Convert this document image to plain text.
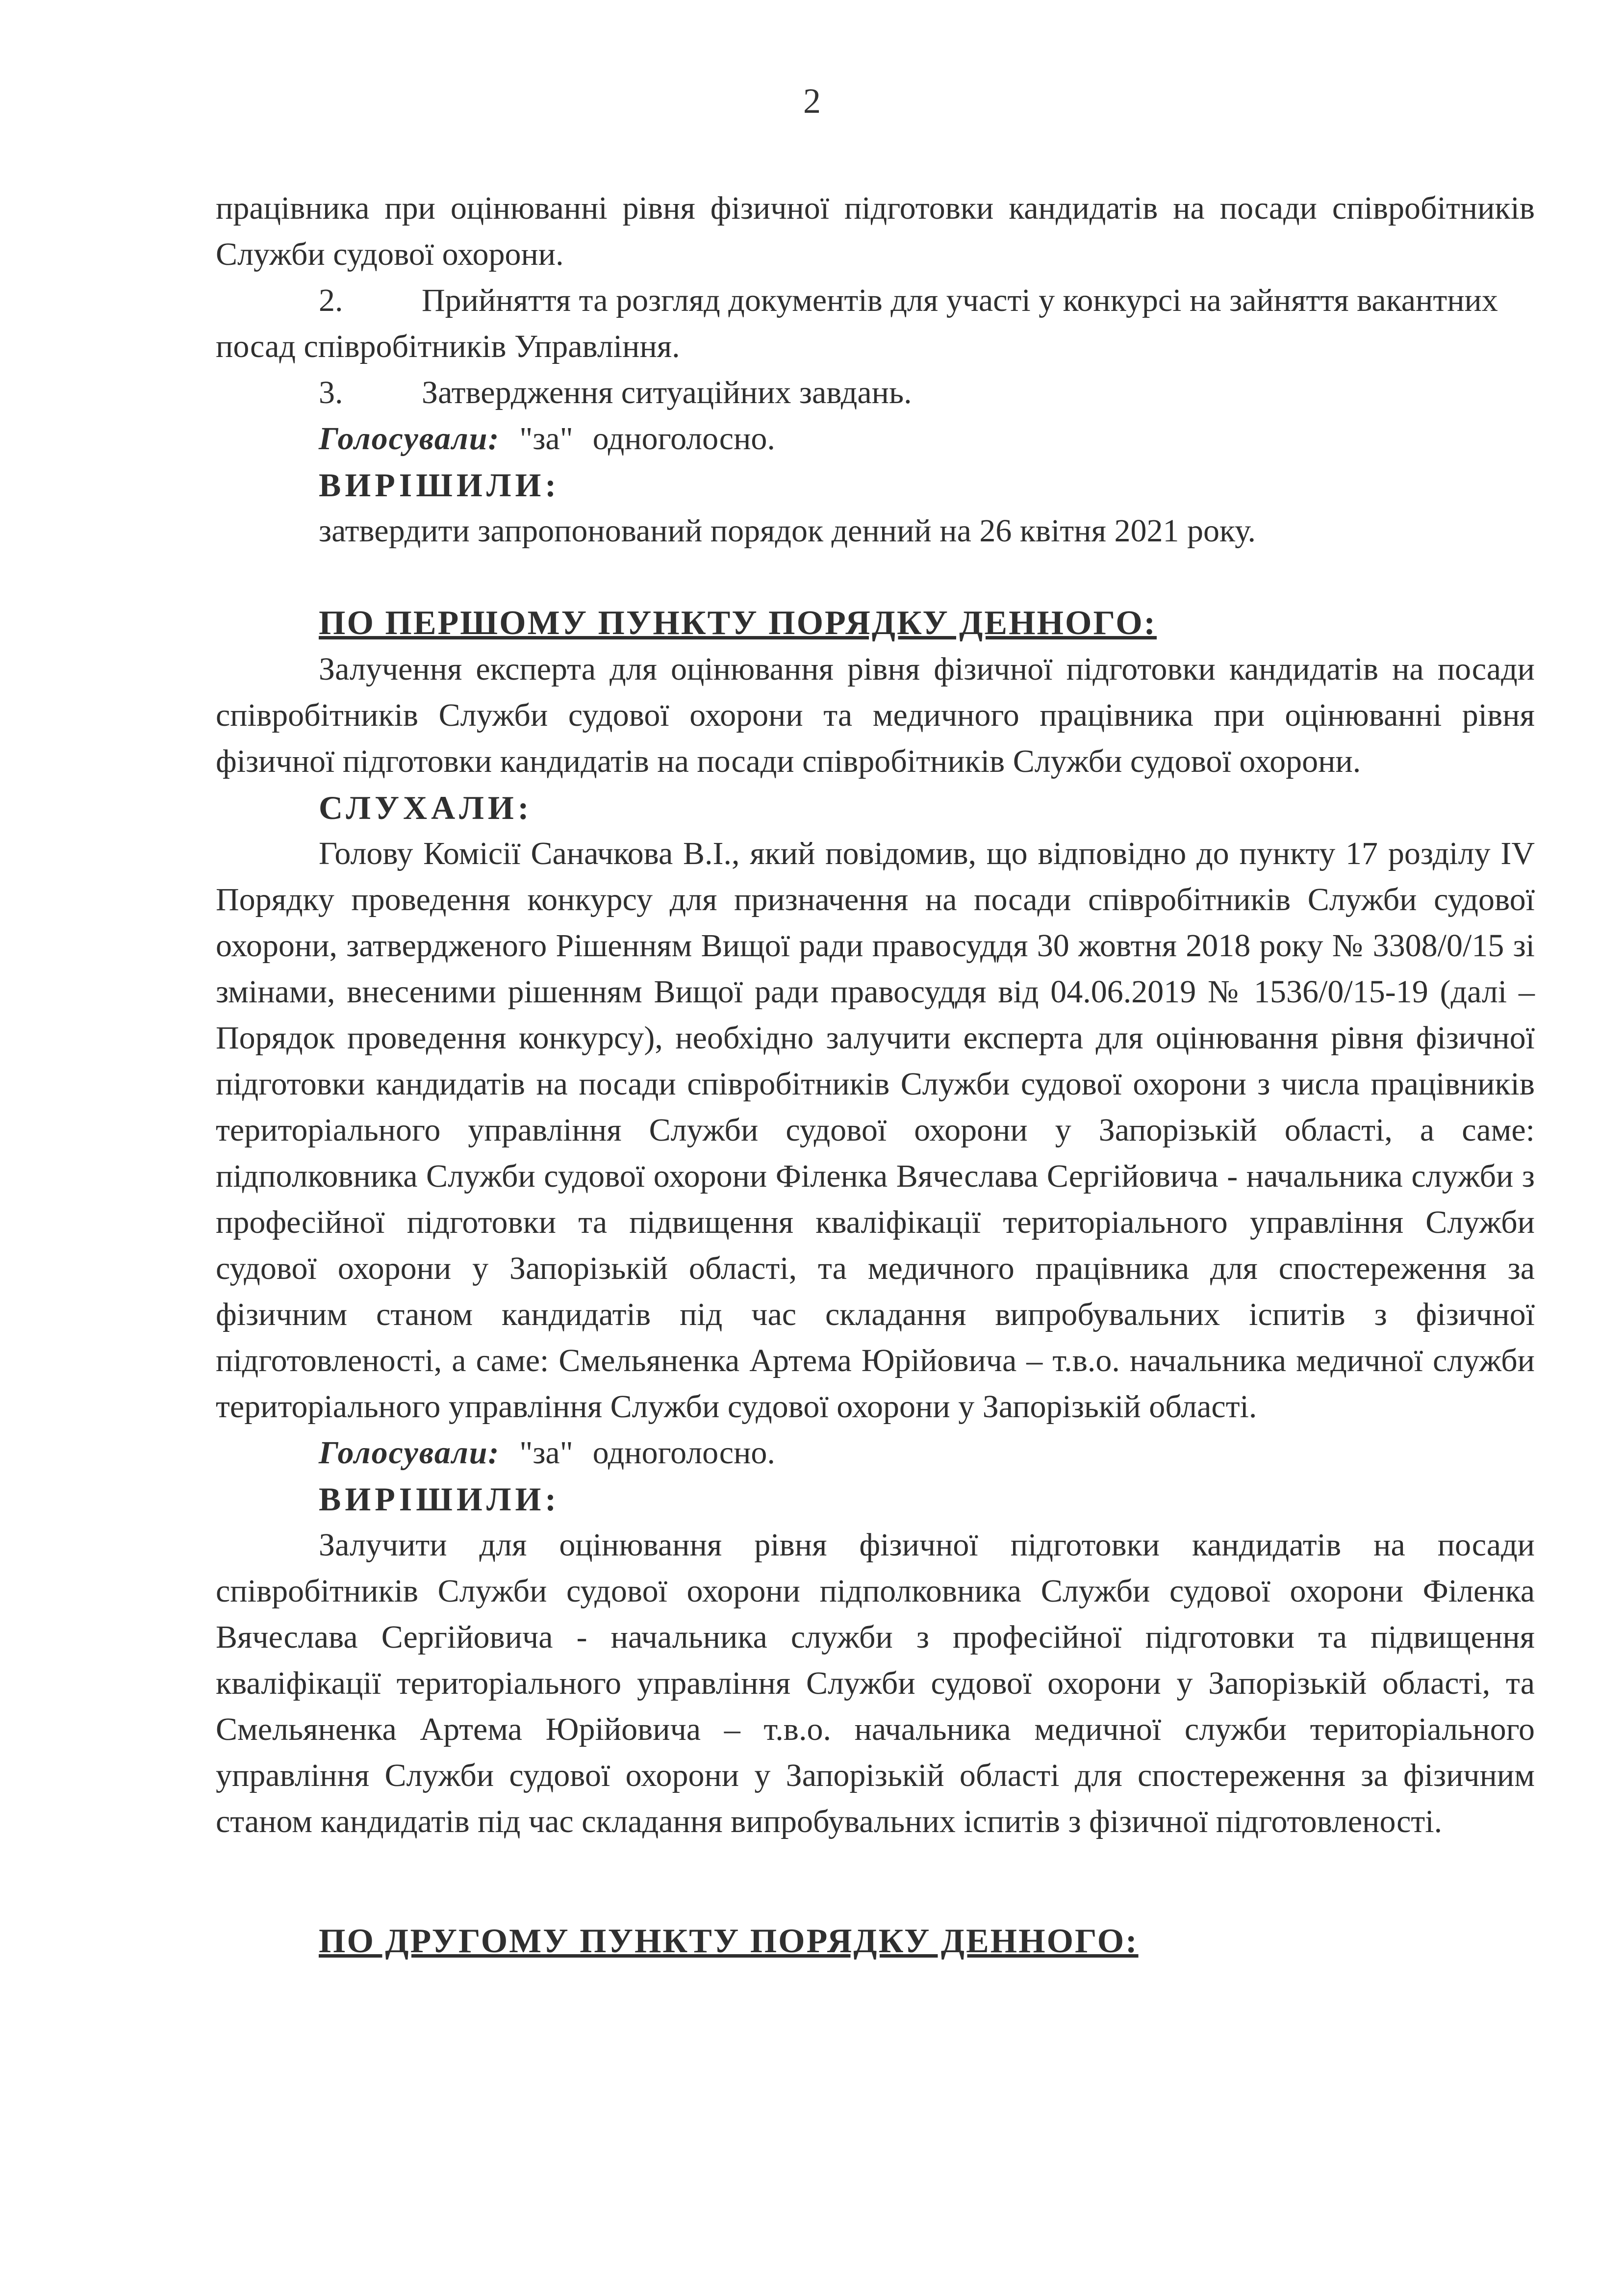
2

працівника при оцінюванні рівня фізичної підготовки кандидатів на посади співробітників Служби судової охорони.

2. Прийняття та розгляд документів для участі у конкурсі на зайняття вакантних посад співробітників Управління.

3. Затвердження ситуаційних завдань.

Голосували: "за" одноголосно.

ВИРІШИЛИ:

затвердити запропонований порядок денний на 26 квітня 2021 року.

ПО ПЕРШОМУ ПУНКТУ ПОРЯДКУ ДЕННОГО:

Залучення експерта для оцінювання рівня фізичної підготовки кандидатів на посади співробітників Служби судової охорони та медичного працівника при оцінюванні рівня фізичної підготовки кандидатів на посади співробітників Служби судової охорони.

СЛУХАЛИ:

Голову Комісії Саначкова В.І., який повідомив, що відповідно до пункту 17 розділу IV Порядку проведення конкурсу для призначення на посади співробітників Служби судової охорони, затвердженого Рішенням Вищої ради правосуддя 30 жовтня 2018 року № 3308/0/15 зі змінами, внесеними рішенням Вищої ради правосуддя від 04.06.2019 № 1536/0/15-19 (далі – Порядок проведення конкурсу), необхідно залучити експерта для оцінювання рівня фізичної підготовки кандидатів на посади співробітників Служби судової охорони з числа працівників територіального управління Служби судової охорони у Запорізькій області, а саме: підполковника Служби судової охорони Філенка Вячеслава Сергійовича - начальника служби з професійної підготовки та підвищення кваліфікації територіального управління Служби судової охорони у Запорізькій області, та медичного працівника для спостереження за фізичним станом кандидатів під час складання випробувальних іспитів з фізичної підготовленості, а саме: Смельяненка Артема Юрійовича – т.в.о. начальника медичної служби територіального управління Служби судової охорони у Запорізькій області.

Голосували: "за" одноголосно.

ВИРІШИЛИ:

Залучити для оцінювання рівня фізичної підготовки кандидатів на посади співробітників Служби судової охорони підполковника Служби судової охорони Філенка Вячеслава Сергійовича - начальника служби з професійної підготовки та підвищення кваліфікації територіального управління Служби судової охорони у Запорізькій області, та Смельяненка Артема Юрійовича – т.в.о. начальника медичної служби територіального управління Служби судової охорони у Запорізькій області для спостереження за фізичним станом кандидатів під час складання випробувальних іспитів з фізичної підготовленості.

ПО ДРУГОМУ ПУНКТУ ПОРЯДКУ ДЕННОГО:
